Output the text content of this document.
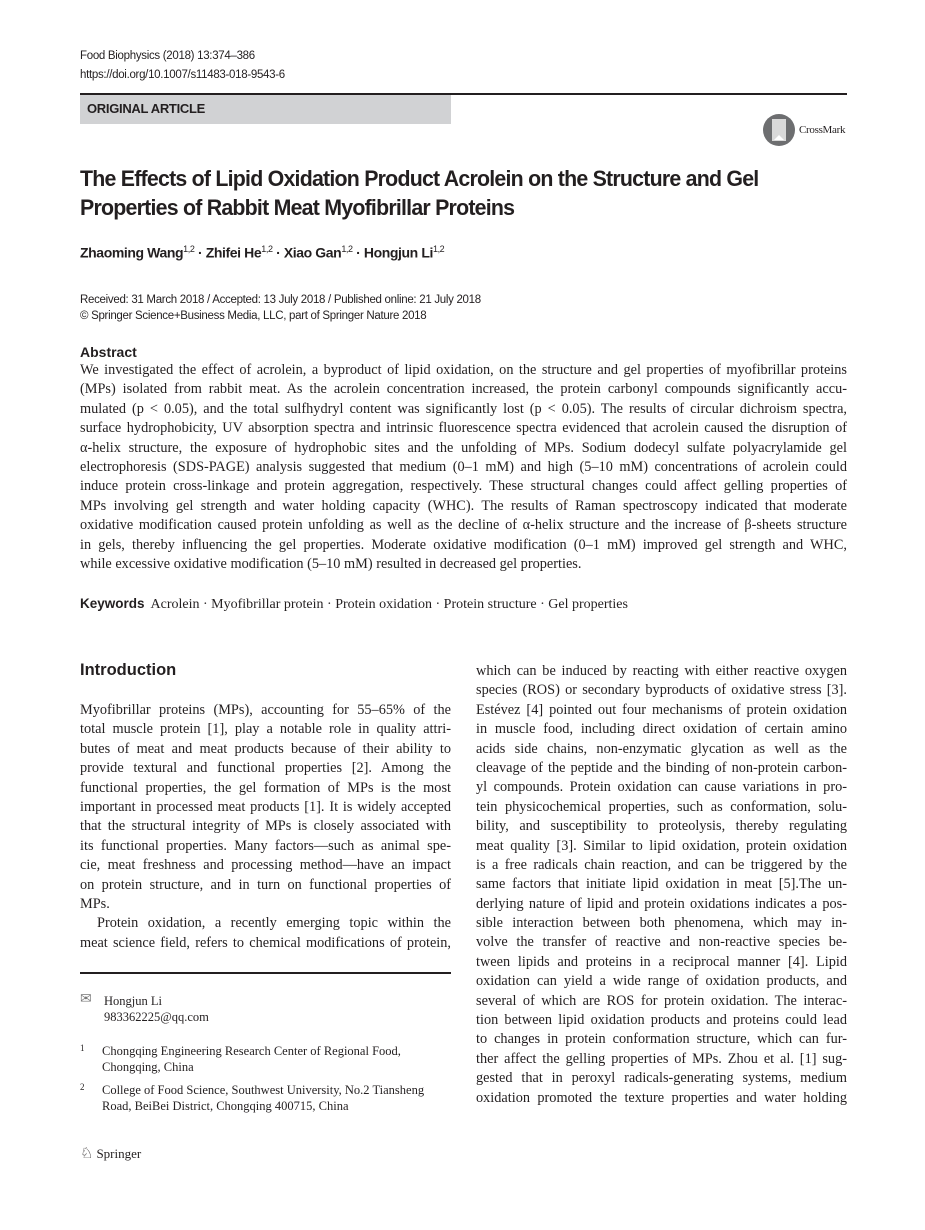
Food Biophysics (2018) 13:374–386
https://doi.org/10.1007/s11483-018-9543-6
ORIGINAL ARTICLE
CrossMark
The Effects of Lipid Oxidation Product Acrolein on the Structure and Gel
Properties of Rabbit Meat Myofibrillar Proteins
Zhaoming Wang$^{1,2}$ · Zhifei He$^{1,2}$ · Xiao Gan$^{1,2}$ · Hongjun Li$^{1,2}$
Received: 31 March 2018 / Accepted: 13 July 2018 / Published online: 21 July 2018
© Springer Science+Business Media, LLC, part of Springer Nature 2018
Abstract
We investigated the effect of acrolein, a byproduct of lipid oxidation, on the structure and gel properties of myofibrillar proteins
(MPs) isolated from rabbit meat. As the acrolein concentration increased, the protein carbonyl compounds significantly accu-
mulated (p < 0.05), and the total sulfhydryl content was significantly lost (p < 0.05). The results of circular dichroism spectra,
surface hydrophobicity, UV absorption spectra and intrinsic fluorescence spectra evidenced that acrolein caused the disruption of
α-helix structure, the exposure of hydrophobic sites and the unfolding of MPs. Sodium dodecyl sulfate polyacrylamide gel
electrophoresis (SDS-PAGE) analysis suggested that medium (0–1 mM) and high (5–10 mM) concentrations of acrolein could
induce protein cross-linkage and protein aggregation, respectively. These structural changes could affect gelling properties of
MPs involving gel strength and water holding capacity (WHC). The results of Raman spectroscopy indicated that moderate
oxidative modification caused protein unfolding as well as the decline of α-helix structure and the increase of β-sheets structure
in gels, thereby influencing the gel properties. Moderate oxidative modification (0–1 mM) improved gel strength and WHC,
while excessive oxidative modification (5–10 mM) resulted in decreased gel properties.
Keywords Acrolein · Myofibrillar protein · Protein oxidation · Protein structure · Gel properties
Introduction
Myofibrillar proteins (MPs), accounting for 55–65% of the
total muscle protein [1], play a notable role in quality attri-
butes of meat and meat products because of their ability to
provide textural and functional properties [2]. Among the
functional properties, the gel formation of MPs is the most
important in processed meat products [1]. It is widely accepted
that the structural integrity of MPs is closely associated with
its functional properties. Many factors—such as animal spe-
cie, meat freshness and processing method—have an impact
on protein structure, and in turn on functional properties of
MPs.
Protein oxidation, a recently emerging topic within the
meat science field, refers to chemical modifications of protein,
which can be induced by reacting with either reactive oxygen
species (ROS) or secondary byproducts of oxidative stress [3].
Estévez [4] pointed out four mechanisms of protein oxidation
in muscle food, including direct oxidation of certain amino
acids side chains, non-enzymatic glycation as well as the
cleavage of the peptide and the binding of non-protein carbon-
yl compounds. Protein oxidation can cause variations in pro-
tein physicochemical properties, such as conformation, solu-
bility, and susceptibility to proteolysis, thereby regulating
meat quality [3]. Similar to lipid oxidation, protein oxidation
is a free radicals chain reaction, and can be triggered by the
same factors that initiate lipid oxidation in meat [5].The un-
derlying nature of lipid and protein oxidations indicates a pos-
sible interaction between both phenomena, which may in-
volve the transfer of reactive and non-reactive species be-
tween lipids and proteins in a reciprocal manner [4]. Lipid
oxidation can yield a wide range of oxidation products, and
several of which are ROS for protein oxidation. The interac-
tion between lipid oxidation products and proteins could lead
to changes in protein conformation structure, which can fur-
ther affect the gelling properties of MPs. Zhou et al. [1] sug-
gested that in peroxyl radicals-generating systems, medium
oxidation promoted the texture properties and water holding
✉ Hongjun Li
983362225@qq.com
1 Chongqing Engineering Research Center of Regional Food,
Chongqing, China
2 College of Food Science, Southwest University, No.2 Tiansheng
Road, BeiBei District, Chongqing 400715, China
♘ Springer
